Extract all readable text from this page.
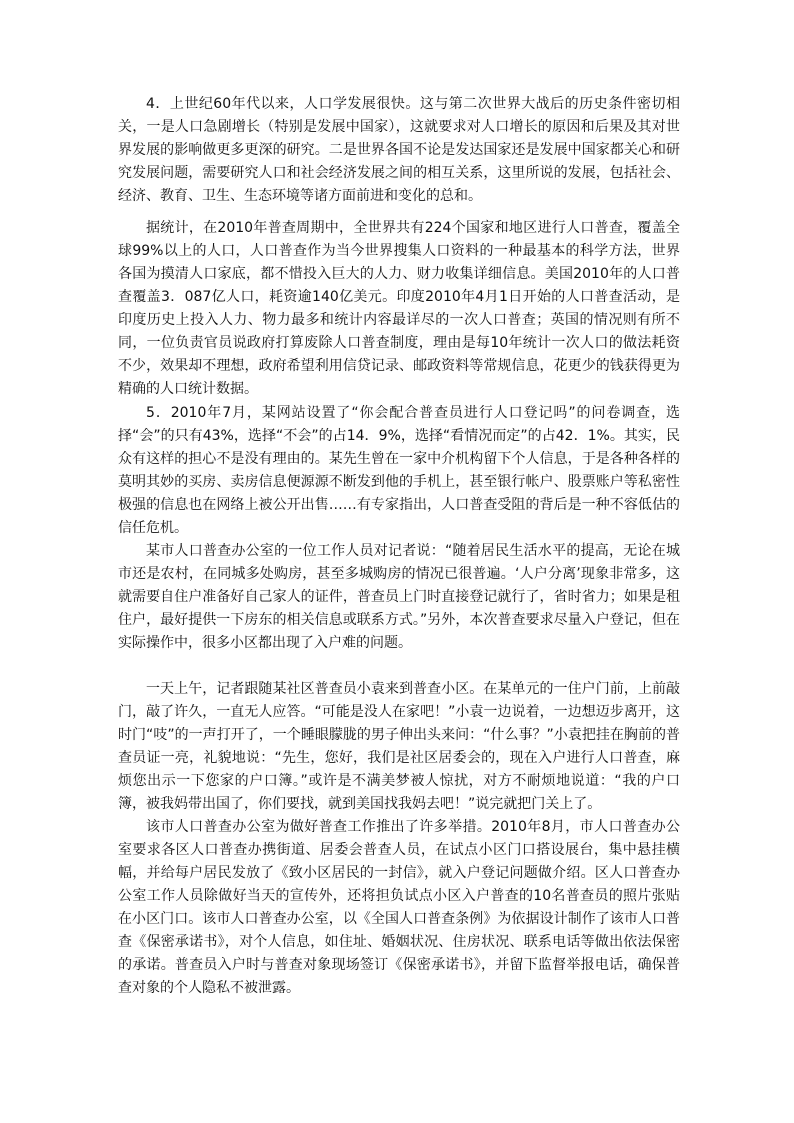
4．上世纪60年代以来，人口学发展很快。这与第二次世界大战后的历史条件密切相关，一是人口急剧增长（特别是发展中国家），这就要求对人口增长的原因和后果及其对世界发展的影响做更多更深的研究。二是世界各国不论是发达国家还是发展中国家都关心和研究发展问题，需要研究人口和社会经济发展之间的相互关系，这里所说的发展，包括社会、经济、教育、卫生、生态环境等诸方面前进和变化的总和。

据统计，在2010年普查周期中，全世界共有224个国家和地区进行人口普查，覆盖全球99%以上的人口，人口普查作为当今世界搜集人口资料的一种最基本的科学方法，世界各国为摸清人口家底，都不惜投入巨大的人力、财力收集详细信息。美国2010年的人口普查覆盖3．087亿人口，耗资逾140亿美元。印度2010年4月1日开始的人口普查活动，是印度历史上投入人力、物力最多和统计内容最详尽的一次人口普查；英国的情况则有所不同，一位负责官员说政府打算废除人口普查制度，理由是每10年统计一次人口的做法耗资不少，效果却不理想，政府希望利用信贷记录、邮政资料等常规信息，花更少的钱获得更为精确的人口统计数据。

5．2010年7月，某网站设置了“你会配合普查员进行人口登记吗”的问卷调查，选择“会”的只有43%，选择“不会”的占14．9%，选择“看情况而定”的占42．1%。其实，民众有这样的担心不是没有理由的。某先生曾在一家中介机构留下个人信息，于是各种各样的莫明其妙的买房、卖房信息便源源不断发到他的手机上，甚至银行帐户、股票账户等私密性极强的信息也在网络上被公开出售……有专家指出，人口普查受阻的背后是一种不容低估的信任危机。

某市人口普查办公室的一位工作人员对记者说：“随着居民生活水平的提高，无论在城市还是农村，在同城多处购房，甚至多城购房的情况已很普遍。‘人户分离’现象非常多，这就需要自住户准备好自己家人的证件，普查员上门时直接登记就行了，省时省力；如果是租住户，最好提供一下房东的相关信息或联系方式。”另外，本次普查要求尽量入户登记，但在实际操作中，很多小区都出现了入户难的问题。

一天上午，记者跟随某社区普查员小袁来到普查小区。在某单元的一住户门前，上前敲门，敲了许久，一直无人应答。“可能是没人在家吧！”小袁一边说着，一边想迈步离开，这时门“吱”的一声打开了，一个睡眼朦胧的男子伸出头来问：“什么事？”小袁把挂在胸前的普查员证一亮，礼貌地说：“先生，您好，我们是社区居委会的，现在入户进行人口普查，麻烦您出示一下您家的户口簿。”或许是不满美梦被人惊扰，对方不耐烦地说道：“我的户口簿，被我妈带出国了，你们要找，就到美国找我妈去吧！”说完就把门关上了。

该市人口普查办公室为做好普查工作推出了许多举措。2010年8月，市人口普查办公室要求各区人口普查办携街道、居委会普查人员，在试点小区门口搭设展台，集中悬挂横幅，并给每户居民发放了《致小区居民的一封信》，就入户登记问题做介绍。区人口普查办公室工作人员除做好当天的宣传外，还将担负试点小区入户普查的10名普查员的照片张贴在小区门口。该市人口普查办公室，以《全国人口普查条例》为依据设计制作了该市人口普查《保密承诺书》，对个人信息，如住址、婚姻状况、住房状况、联系电话等做出依法保密的承诺。普查员入户时与普查对象现场签订《保密承诺书》，并留下监督举报电话，确保普查对象的个人隐私不被泄露。
